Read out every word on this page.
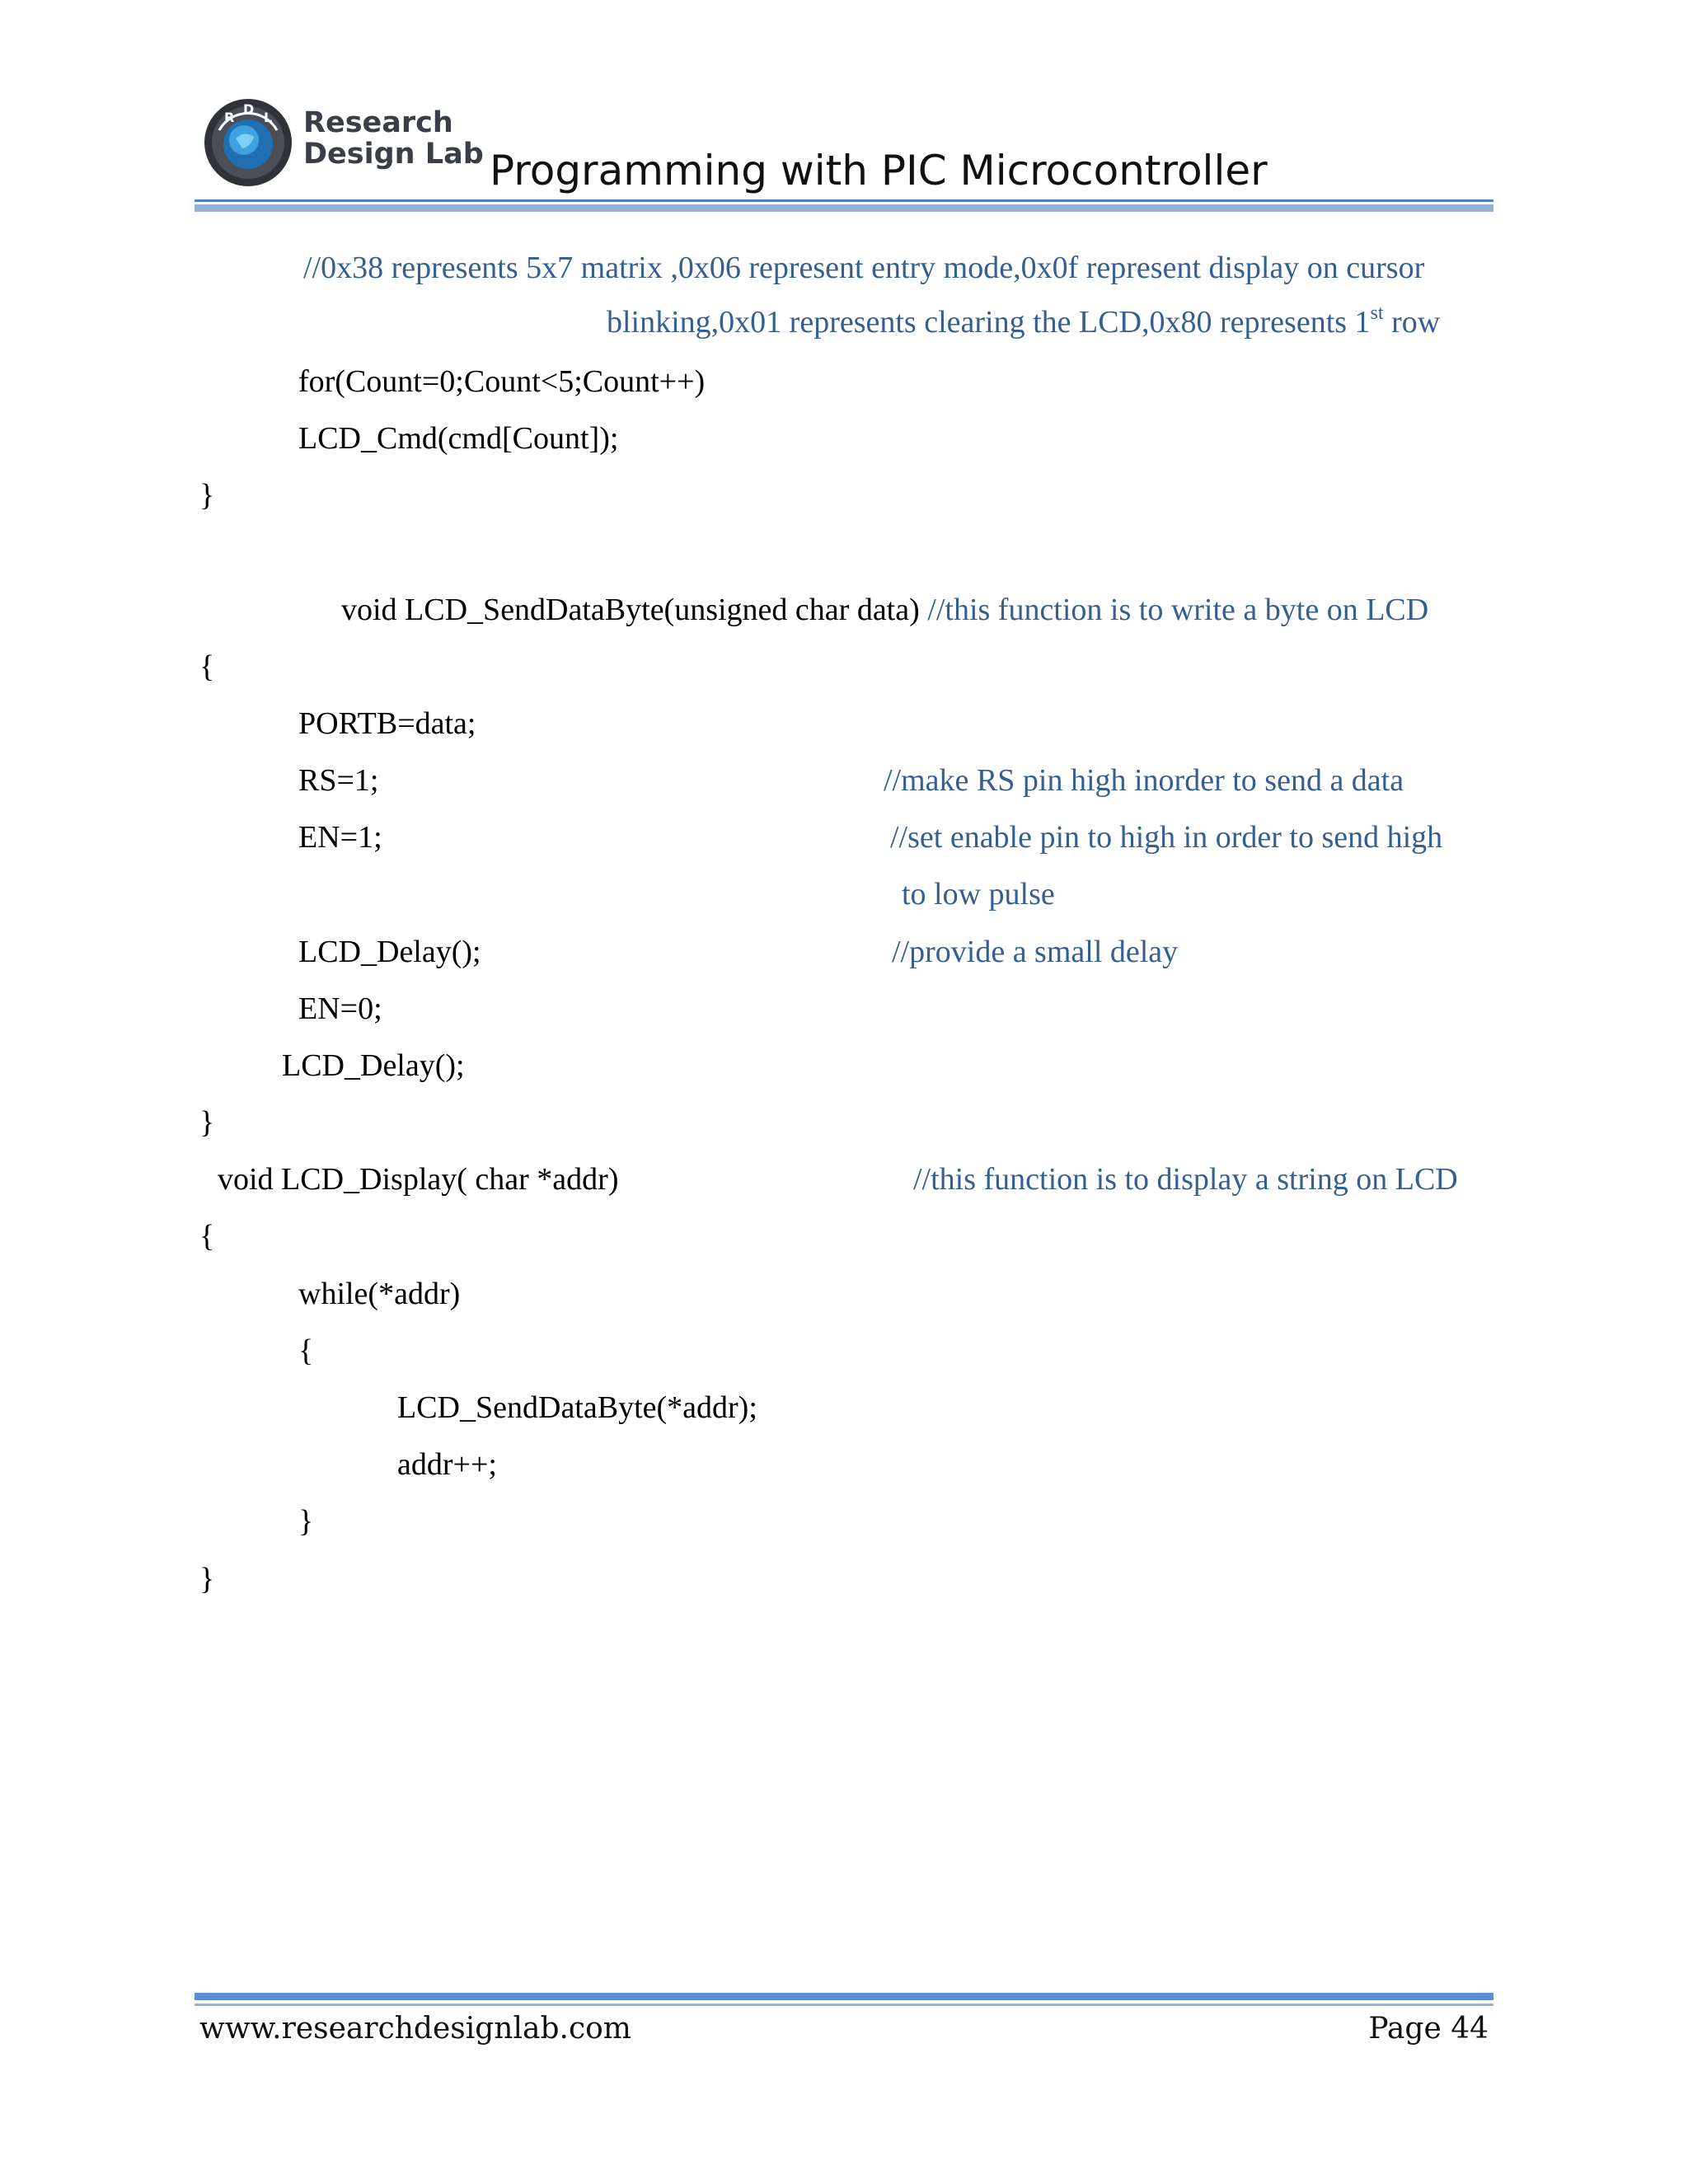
R
D
L Research
Design Lab Programming with PIC Microcontroller
//0x38 represents 5x7 matrix ,0x06 represent entry mode,0x0f represent display on cursor
blinking,0x01 represents clearing the LCD,0x80 represents 1st row
for(Count=0;Count<5;Count++)
LCD_Cmd(cmd[Count]);
}
void LCD_SendDataByte(unsigned char data) //this function is to write a byte on LCD
{
PORTB=data;
RS=1;	//make RS pin high inorder to send a data
EN=1;	//set enable pin to high in order to send high
to low pulse
LCD_Delay();	//provide a small delay
EN=0;
LCD_Delay();
}
void LCD_Display( char *addr)	//this function is to display a string on LCD
{
while(*addr)
{
LCD_SendDataByte(*addr);
addr++;
}
}
www.researchdesignlab.com	Page 44
